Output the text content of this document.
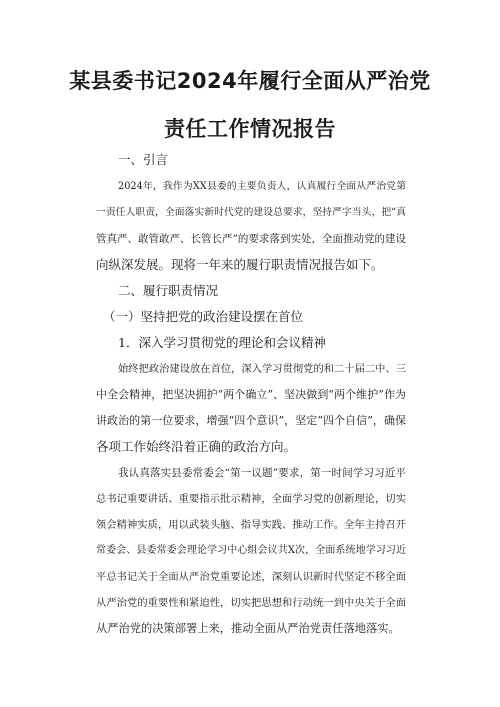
某县委书记2024年履行全面从严治党
责任工作情况报告

一、引言

2024年，我作为XX县委的主要负责人，认真履行全面从严治党第

一责任人职责，全面落实新时代党的建设总要求，坚持严字当头，把“真

管真严、敢管敢严、长管长严”的要求落到实处，全面推动党的建设

向纵深发展。现将一年来的履行职责情况报告如下。

二、履行职责情况

（一）坚持把党的政治建设摆在首位

1．深入学习贯彻党的理论和会议精神

始终把政治建设放在首位，深入学习贯彻党的和二十届二中、三

中全会精神，把坚决拥护“两个确立”、坚决做到“两个维护”作为

讲政治的第一位要求，增强“四个意识”，坚定“四个自信”，确保

各项工作始终沿着正确的政治方向。

我认真落实县委常委会“第一议题”要求，第一时间学习习近平

总书记重要讲话、重要指示批示精神，全面学习党的创新理论，切实

领会精神实质，用以武装头脑、指导实践、推动工作。全年主持召开

常委会、县委常委会理论学习中心组会议共X次，全面系统地学习习近

平总书记关于全面从严治党重要论述，深刻认识新时代坚定不移全面

从严治党的重要性和紧迫性，切实把思想和行动统一到中央关于全面

从严治党的决策部署上来，推动全面从严治党责任落地落实。
